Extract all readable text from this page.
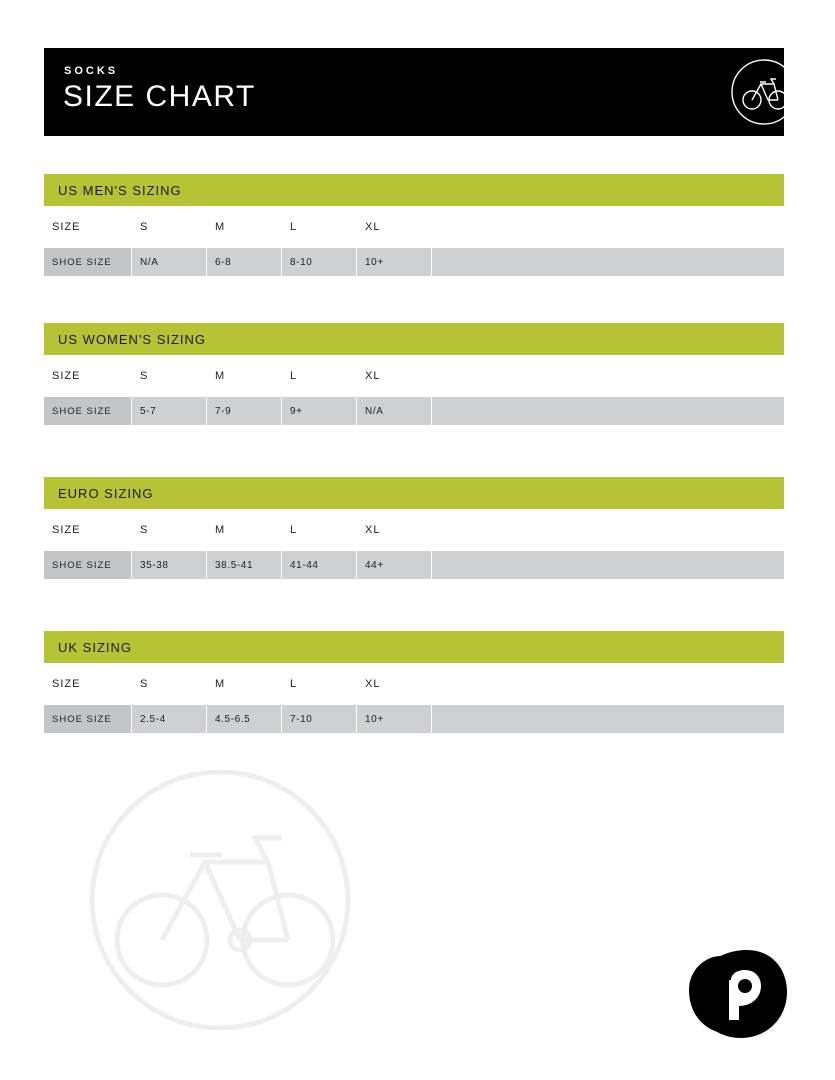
SOCKS
SIZE CHART
US MEN'S SIZING
SIZE	S	M	L	XL
SHOE SIZE	N/A	6-8	8-10	10+
US WOMEN'S SIZING
SIZE	S	M	L	XL
SHOE SIZE	5-7	7-9	9+	N/A
EURO SIZING
SIZE	S	M	L	XL
SHOE SIZE	35-38	38.5-41	41-44	44+
UK SIZING
SIZE	S	M	L	XL
SHOE SIZE	2.5-4	4.5-6.5	7-10	10+
